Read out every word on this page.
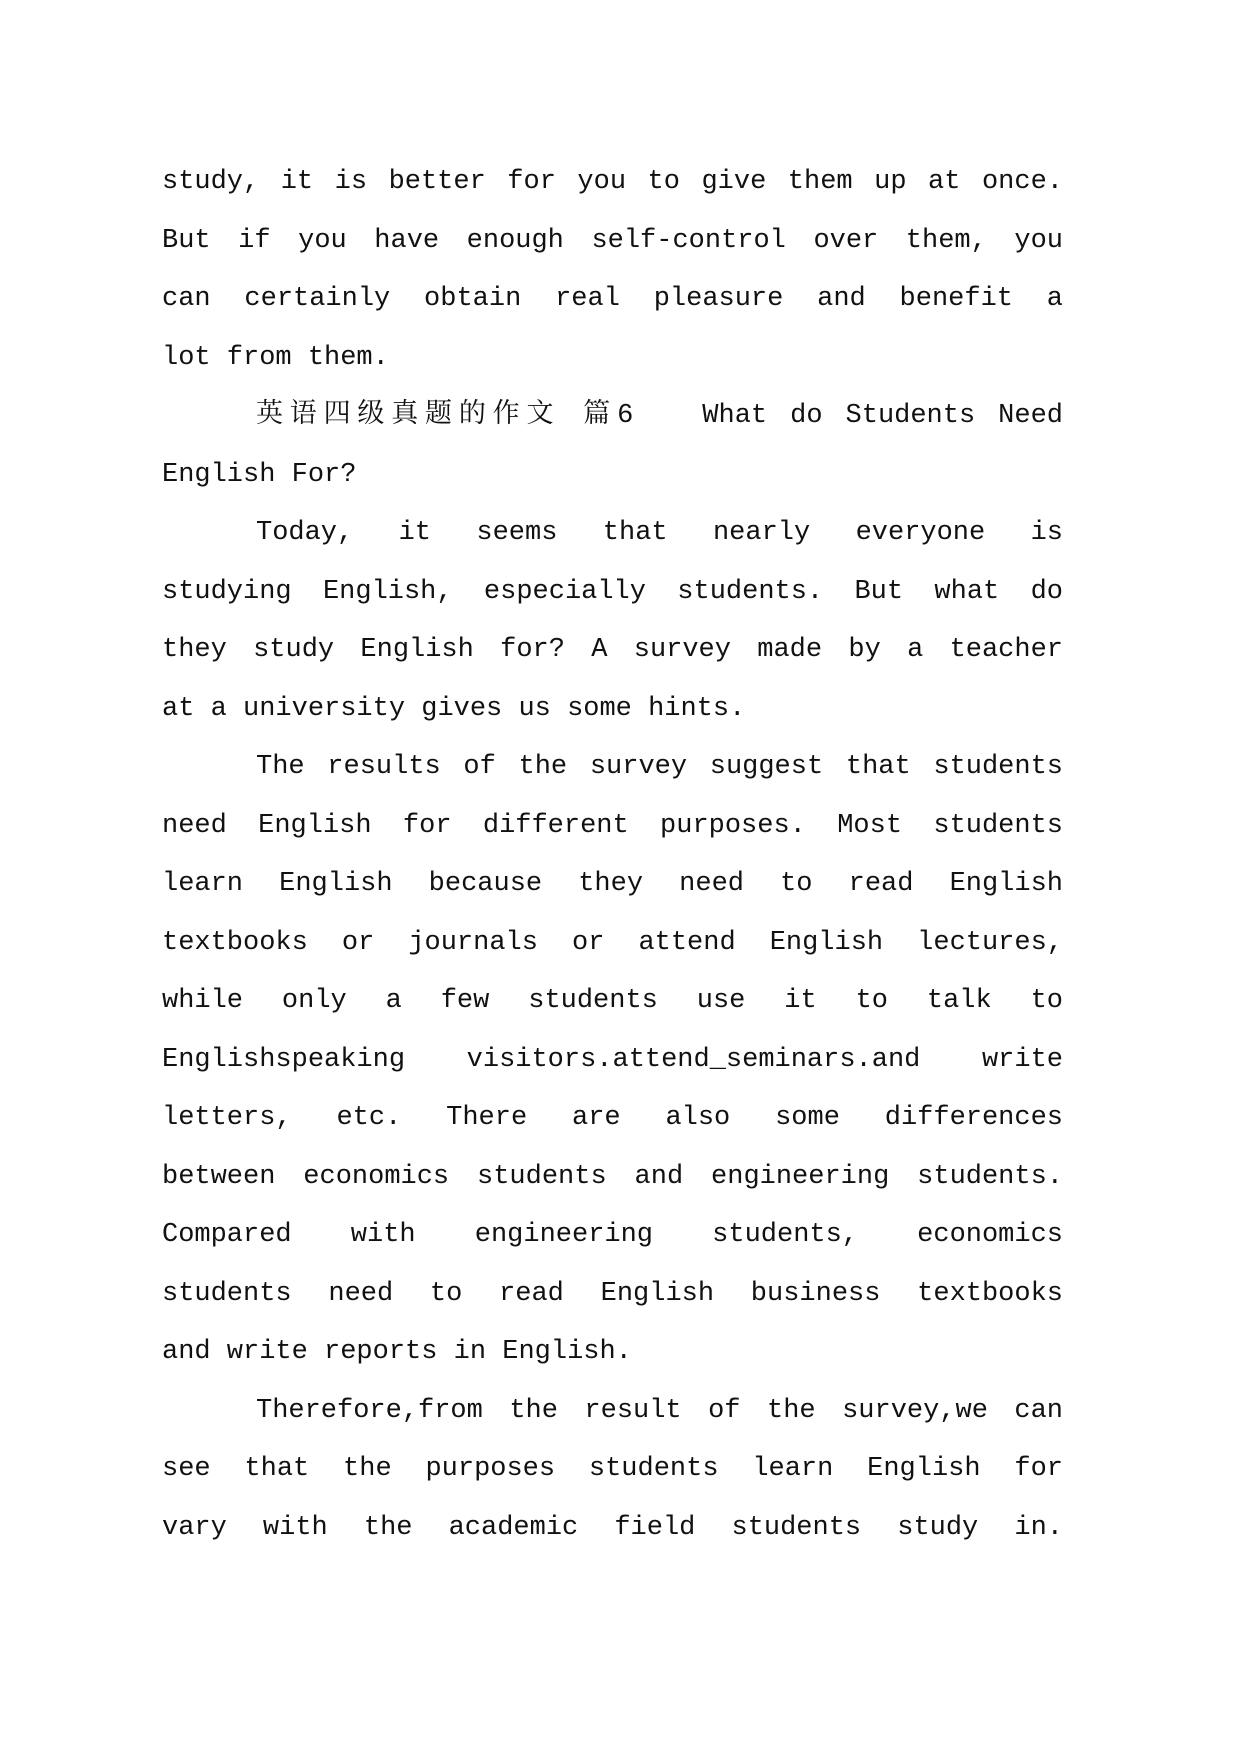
study, it is better for you to give them up at once.
But if you have enough self-control over them, you
can certainly obtain real pleasure and benefit a
lot from them.
英语四级真题的作文 篇6   What do Students Need
English For?
Today, it seems that nearly everyone is
studying English, especially students. But what do
they study English for? A survey made by a teacher
at a university gives us some hints.
The results of the survey suggest that students
need English for different purposes. Most students
learn English because they need to read English
textbooks or journals or attend English lectures,
while only a few students use it to talk to
Englishspeaking visitors.attend_seminars.and write
letters, etc. There are also some differences
between economics students and engineering students.
Compared with engineering students, economics
students need to read English business textbooks
and write reports in English.
Therefore,from the result of the survey,we can
see that the purposes students learn English for
vary with the academic field students study in.
